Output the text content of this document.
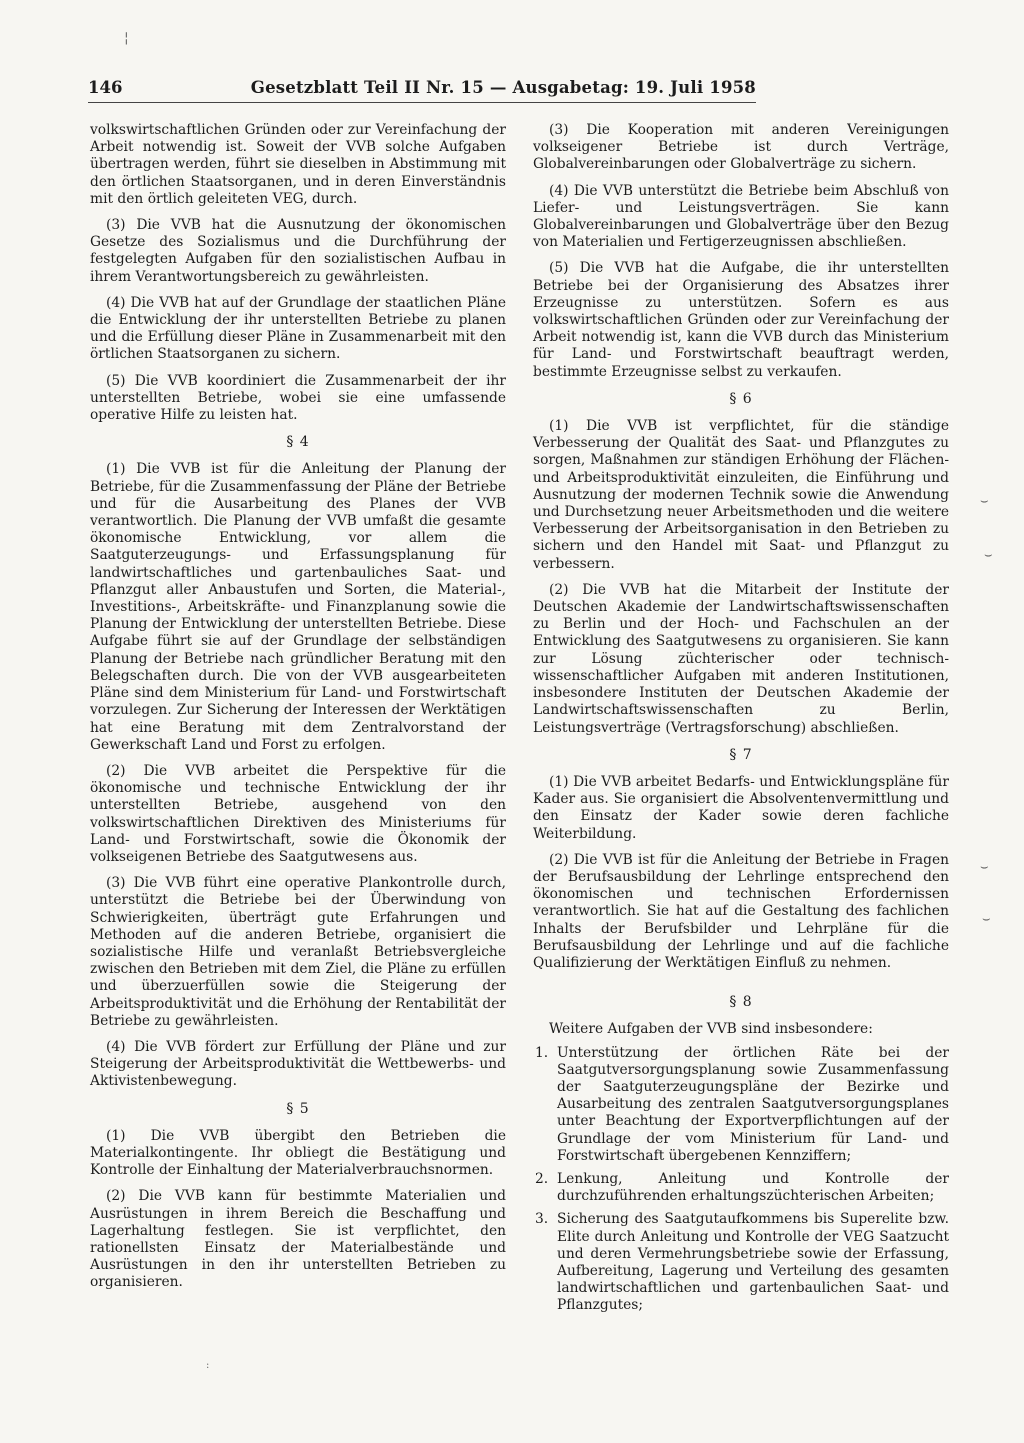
¦
146	Gesetzblatt Teil II Nr. 15 — Ausgabetag: 19. Juli 1958

volkswirtschaftlichen Gründen oder zur Vereinfachung der Arbeit notwendig ist. Soweit der VVB solche Aufgaben übertragen werden, führt sie dieselben in Abstimmung mit den örtlichen Staatsorganen, und in deren Einverständnis mit den örtlich geleiteten VEG, durch.

(3) Die VVB hat die Ausnutzung der ökonomischen Gesetze des Sozialismus und die Durchführung der festgelegten Aufgaben für den sozialistischen Aufbau in ihrem Verantwortungsbereich zu gewährleisten.

(4) Die VVB hat auf der Grundlage der staatlichen Pläne die Entwicklung der ihr unterstellten Betriebe zu planen und die Erfüllung dieser Pläne in Zusammenarbeit mit den örtlichen Staatsorganen zu sichern.

(5) Die VVB koordiniert die Zusammenarbeit der ihr unterstellten Betriebe, wobei sie eine umfassende operative Hilfe zu leisten hat.

§ 4

(1) Die VVB ist für die Anleitung der Planung der Betriebe, für die Zusammenfassung der Pläne der Betriebe und für die Ausarbeitung des Planes der VVB verantwortlich. Die Planung der VVB umfaßt die gesamte ökonomische Entwicklung, vor allem die Saatguterzeugungs- und Erfassungsplanung für landwirtschaftliches und gartenbauliches Saat- und Pflanzgut aller Anbaustufen und Sorten, die Material-, Investitions-, Arbeitskräfte- und Finanzplanung sowie die Planung der Entwicklung der unterstellten Betriebe. Diese Aufgabe führt sie auf der Grundlage der selbständigen Planung der Betriebe nach gründlicher Beratung mit den Belegschaften durch. Die von der VVB ausgearbeiteten Pläne sind dem Ministerium für Land- und Forstwirtschaft vorzulegen. Zur Sicherung der Interessen der Werktätigen hat eine Beratung mit dem Zentralvorstand der Gewerkschaft Land und Forst zu erfolgen.

(2) Die VVB arbeitet die Perspektive für die ökonomische und technische Entwicklung der ihr unterstellten Betriebe, ausgehend von den volkswirtschaftlichen Direktiven des Ministeriums für Land- und Forstwirtschaft, sowie die Ökonomik der volkseigenen Betriebe des Saatgutwesens aus.

(3) Die VVB führt eine operative Plankontrolle durch, unterstützt die Betriebe bei der Überwindung von Schwierigkeiten, überträgt gute Erfahrungen und Methoden auf die anderen Betriebe, organisiert die sozialistische Hilfe und veranlaßt Betriebsvergleiche zwischen den Betrieben mit dem Ziel, die Pläne zu erfüllen und überzuerfüllen sowie die Steigerung der Arbeitsproduktivität und die Erhöhung der Rentabilität der Betriebe zu gewährleisten.

(4) Die VVB fördert zur Erfüllung der Pläne und zur Steigerung der Arbeitsproduktivität die Wettbewerbs- und Aktivistenbewegung.

§ 5

(1) Die VVB übergibt den Betrieben die Materialkontingente. Ihr obliegt die Bestätigung und Kontrolle der Einhaltung der Materialverbrauchsnormen.

(2) Die VVB kann für bestimmte Materialien und Ausrüstungen in ihrem Bereich die Beschaffung und Lagerhaltung festlegen. Sie ist verpflichtet, den rationellsten Einsatz der Materialbestände und Ausrüstungen in den ihr unterstellten Betrieben zu organisieren.

(3) Die Kooperation mit anderen Vereinigungen volkseigener Betriebe ist durch Verträge, Globalvereinbarungen oder Globalverträge zu sichern.

(4) Die VVB unterstützt die Betriebe beim Abschluß von Liefer- und Leistungsverträgen. Sie kann Globalvereinbarungen und Globalverträge über den Bezug von Materialien und Fertigerzeugnissen abschließen.

(5) Die VVB hat die Aufgabe, die ihr unterstellten Betriebe bei der Organisierung des Absatzes ihrer Erzeugnisse zu unterstützen. Sofern es aus volkswirtschaftlichen Gründen oder zur Vereinfachung der Arbeit notwendig ist, kann die VVB durch das Ministerium für Land- und Forstwirtschaft beauftragt werden, bestimmte Erzeugnisse selbst zu verkaufen.

§ 6

(1) Die VVB ist verpflichtet, für die ständige Verbesserung der Qualität des Saat- und Pflanzgutes zu sorgen, Maßnahmen zur ständigen Erhöhung der Flächen- und Arbeitsproduktivität einzuleiten, die Einführung und Ausnutzung der modernen Technik sowie die Anwendung und Durchsetzung neuer Arbeitsmethoden und die weitere Verbesserung der Arbeitsorganisation in den Betrieben zu sichern und den Handel mit Saat- und Pflanzgut zu verbessern.

(2) Die VVB hat die Mitarbeit der Institute der Deutschen Akademie der Landwirtschaftswissenschaften zu Berlin und der Hoch- und Fachschulen an der Entwicklung des Saatgutwesens zu organisieren. Sie kann zur Lösung züchterischer oder technisch-wissenschaftlicher Aufgaben mit anderen Institutionen, insbesondere Instituten der Deutschen Akademie der Landwirtschaftswissenschaften zu Berlin, Leistungsverträge (Vertragsforschung) abschließen.

§ 7

(1) Die VVB arbeitet Bedarfs- und Entwicklungspläne für Kader aus. Sie organisiert die Absolventenvermittlung und den Einsatz der Kader sowie deren fachliche Weiterbildung.

(2) Die VVB ist für die Anleitung der Betriebe in Fragen der Berufsausbildung der Lehrlinge entsprechend den ökonomischen und technischen Erfordernissen verantwortlich. Sie hat auf die Gestaltung des fachlichen Inhalts der Berufsbilder und Lehrpläne für die Berufsausbildung der Lehrlinge und auf die fachliche Qualifizierung der Werktätigen Einfluß zu nehmen.

§ 8

Weitere Aufgaben der VVB sind insbesondere:

1. Unterstützung der örtlichen Räte bei der Saatgutversorgungsplanung sowie Zusammenfassung der Saatguterzeugungspläne der Bezirke und Ausarbeitung des zentralen Saatgutversorgungsplanes unter Beachtung der Exportverpflichtungen auf der Grundlage der vom Ministerium für Land- und Forstwirtschaft übergebenen Kennziffern;
2. Lenkung, Anleitung und Kontrolle der durchzuführenden erhaltungszüchterischen Arbeiten;
3. Sicherung des Saatgutaufkommens bis Superelite bzw. Elite durch Anleitung und Kontrolle der VEG Saatzucht und deren Vermehrungsbetriebe sowie der Erfassung, Aufbereitung, Lagerung und Verteilung des gesamten landwirtschaftlichen und gartenbaulichen Saat- und Pflanzgutes;
⌣
⌣
⌣
⌣
:
